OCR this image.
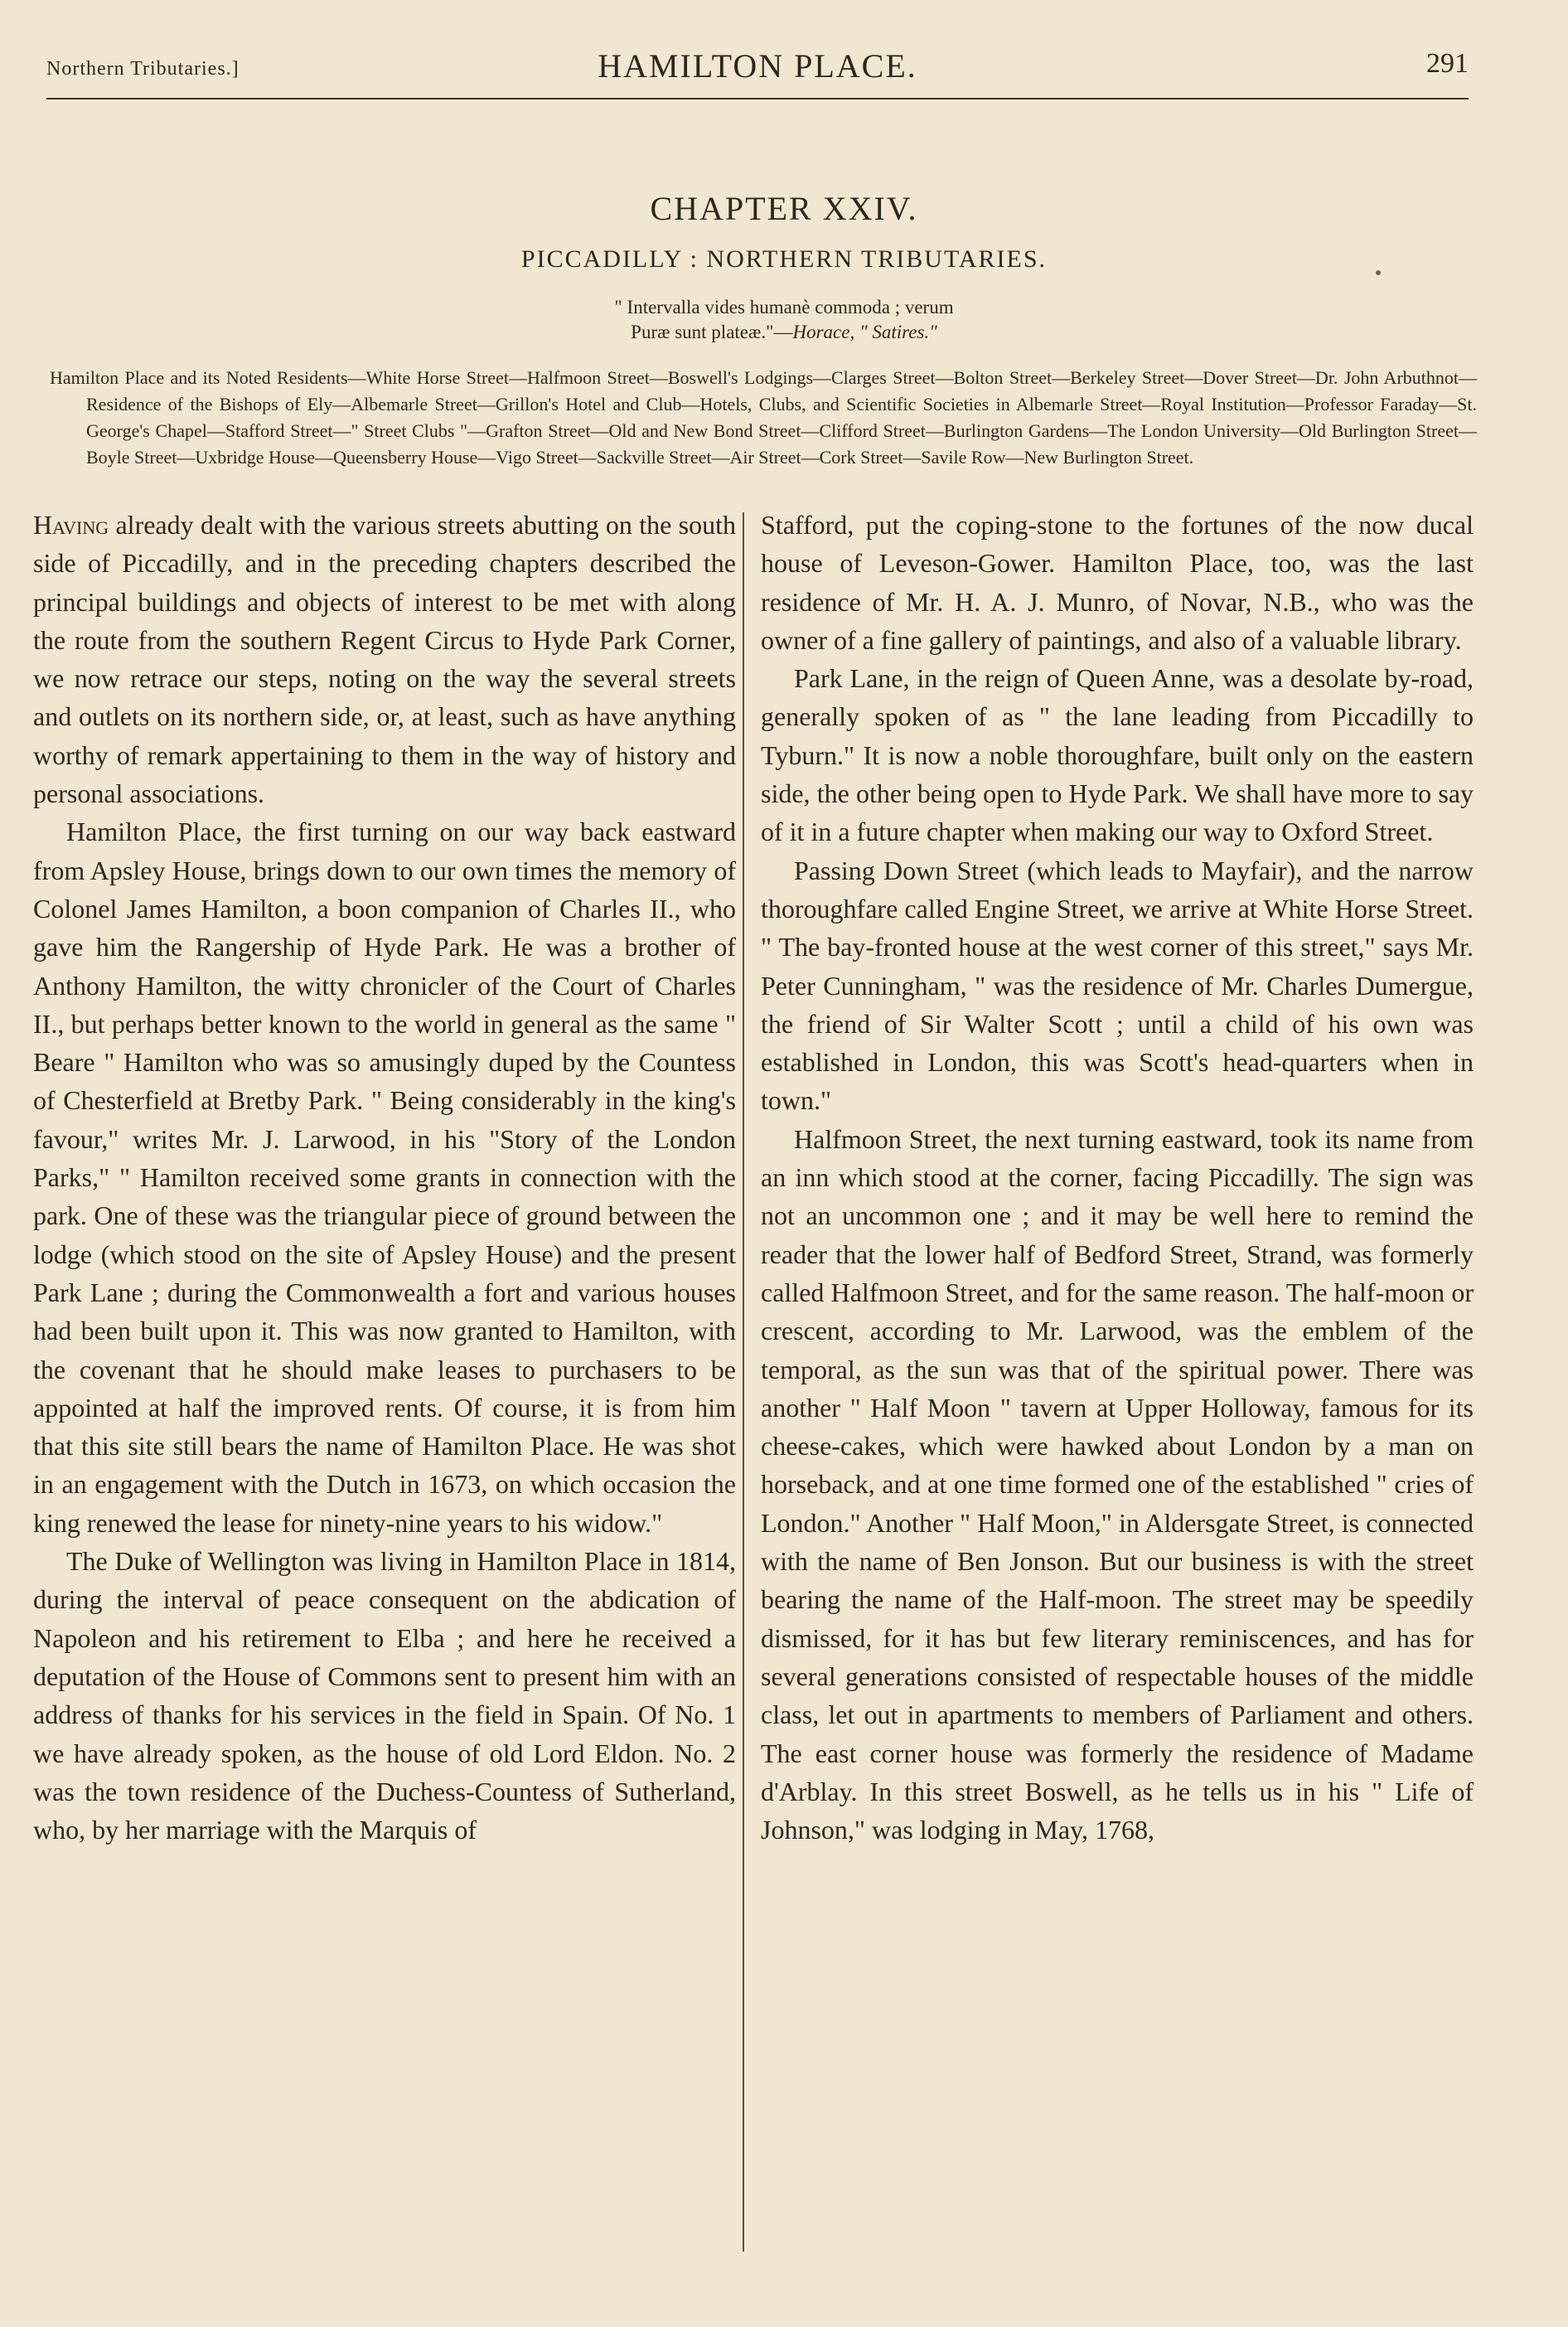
Northern Tributaries.]	HAMILTON PLACE.	291
CHAPTER XXIV.
PICCADILLY : NORTHERN TRIBUTARIES.
" Intervalla vides humanè commoda ; verum
Puræ sunt plateæ."—Horace, " Satires."
Hamilton Place and its Noted Residents—White Horse Street—Halfmoon Street—Boswell's Lodgings—Clarges Street—Bolton Street—Berkeley Street—Dover Street—Dr. John Arbuthnot—Residence of the Bishops of Ely—Albemarle Street—Grillon's Hotel and Club—Hotels, Clubs, and Scientific Societies in Albemarle Street—Royal Institution—Professor Faraday—St. George's Chapel—Stafford Street—" Street Clubs "—Grafton Street—Old and New Bond Street—Clifford Street—Burlington Gardens—The London University—Old Burlington Street—Boyle Street—Uxbridge House—Queensberry House—Vigo Street—Sackville Street—Air Street—Cork Street—Savile Row—New Burlington Street.

Having already dealt with the various streets abutting on the south side of Piccadilly, and in the preceding chapters described the principal buildings and objects of interest to be met with along the route from the southern Regent Circus to Hyde Park Corner, we now retrace our steps, noting on the way the several streets and outlets on its northern side, or, at least, such as have anything worthy of remark appertaining to them in the way of history and personal associations.

Hamilton Place, the first turning on our way back eastward from Apsley House, brings down to our own times the memory of Colonel James Hamilton, a boon companion of Charles II., who gave him the Rangership of Hyde Park. He was a brother of Anthony Hamilton, the witty chronicler of the Court of Charles II., but perhaps better known to the world in general as the same " Beare " Hamilton who was so amusingly duped by the Countess of Chesterfield at Bretby Park. " Being considerably in the king's favour," writes Mr. J. Larwood, in his "Story of the London Parks," " Hamilton received some grants in connection with the park. One of these was the triangular piece of ground between the lodge (which stood on the site of Apsley House) and the present Park Lane ; during the Commonwealth a fort and various houses had been built upon it. This was now granted to Hamilton, with the covenant that he should make leases to purchasers to be appointed at half the improved rents. Of course, it is from him that this site still bears the name of Hamilton Place. He was shot in an engagement with the Dutch in 1673, on which occasion the king renewed the lease for ninety-nine years to his widow."

The Duke of Wellington was living in Hamilton Place in 1814, during the interval of peace consequent on the abdication of Napoleon and his retirement to Elba ; and here he received a deputation of the House of Commons sent to present him with an address of thanks for his services in the field in Spain. Of No. 1 we have already spoken, as the house of old Lord Eldon. No. 2 was the town residence of the Duchess-Countess of Sutherland, who, by her marriage with the Marquis of

Stafford, put the coping-stone to the fortunes of the now ducal house of Leveson-Gower. Hamilton Place, too, was the last residence of Mr. H. A. J. Munro, of Novar, N.B., who was the owner of a fine gallery of paintings, and also of a valuable library.

Park Lane, in the reign of Queen Anne, was a desolate by-road, generally spoken of as " the lane leading from Piccadilly to Tyburn." It is now a noble thoroughfare, built only on the eastern side, the other being open to Hyde Park. We shall have more to say of it in a future chapter when making our way to Oxford Street.

Passing Down Street (which leads to Mayfair), and the narrow thoroughfare called Engine Street, we arrive at White Horse Street. " The bay-fronted house at the west corner of this street," says Mr. Peter Cunningham, " was the residence of Mr. Charles Dumergue, the friend of Sir Walter Scott ; until a child of his own was established in London, this was Scott's head-quarters when in town."

Halfmoon Street, the next turning eastward, took its name from an inn which stood at the corner, facing Piccadilly. The sign was not an uncommon one ; and it may be well here to remind the reader that the lower half of Bedford Street, Strand, was formerly called Halfmoon Street, and for the same reason. The half-moon or crescent, according to Mr. Larwood, was the emblem of the temporal, as the sun was that of the spiritual power. There was another " Half Moon " tavern at Upper Holloway, famous for its cheese-cakes, which were hawked about London by a man on horseback, and at one time formed one of the established " cries of London." Another " Half Moon," in Aldersgate Street, is connected with the name of Ben Jonson. But our business is with the street bearing the name of the Half-moon. The street may be speedily dismissed, for it has but few literary reminiscences, and has for several generations consisted of respectable houses of the middle class, let out in apartments to members of Parliament and others. The east corner house was formerly the residence of Madame d'Arblay. In this street Boswell, as he tells us in his " Life of Johnson," was lodging in May, 1768,
